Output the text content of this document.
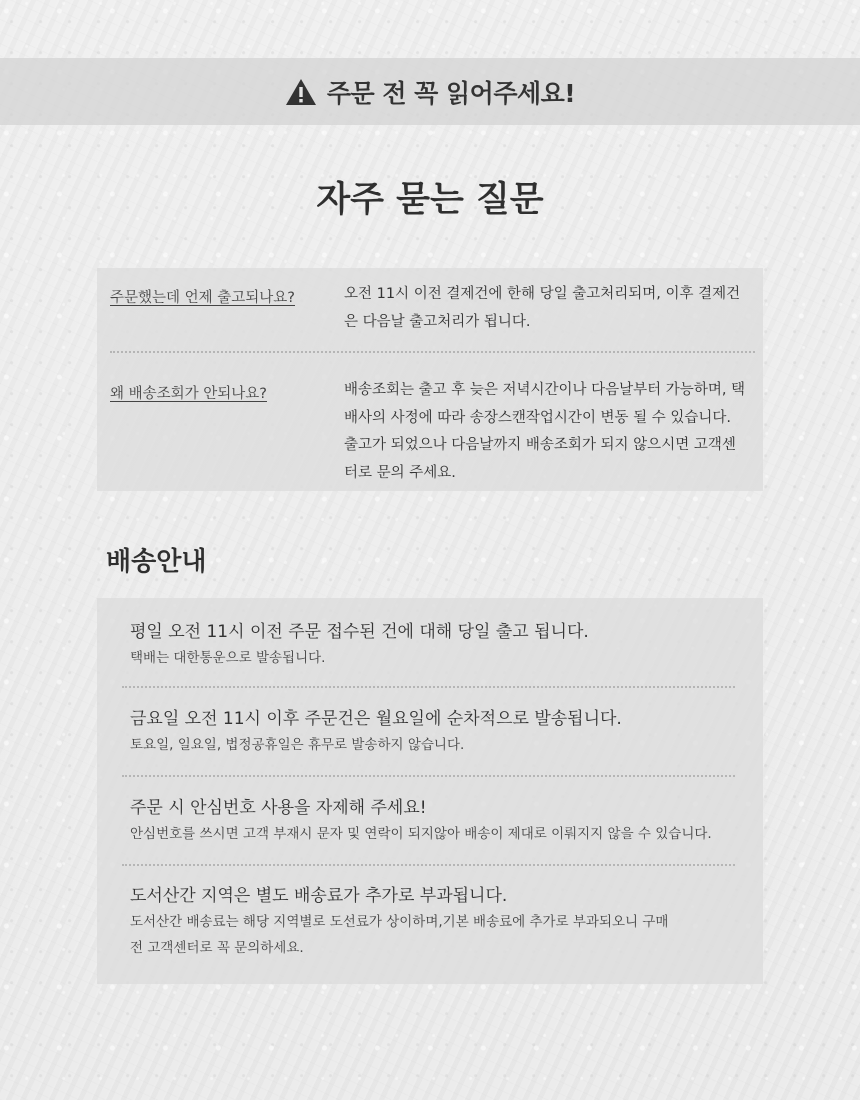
주문 전 꼭 읽어주세요!
자주 묻는 질문
주문했는데 언제 출고되나요?	오전 11시 이전 결제건에 한해 당일 출고처리되며, 이후 결제건은 다음날 출고처리가 됩니다.
왜 배송조회가 안되나요?	배송조회는 출고 후 늦은 저녁시간이나 다음날부터 가능하며, 택배사의 사정에 따라 송장스캔작업시간이 변동 될 수 있습니다. 출고가 되었으나 다음날까지 배송조회가 되지 않으시면 고객센터로 문의 주세요.
배송안내
평일 오전 11시 이전 주문 접수된 건에 대해 당일 출고 됩니다.
택배는 대한통운으로 발송됩니다.
금요일 오전 11시 이후 주문건은 월요일에 순차적으로 발송됩니다.
토요일, 일요일, 법정공휴일은 휴무로 발송하지 않습니다.
주문 시 안심번호 사용을 자제해 주세요!
안심번호를 쓰시면 고객 부재시 문자 및 연락이 되지않아 배송이 제대로 이뤄지지 않을 수 있습니다.
도서산간 지역은 별도 배송료가 추가로 부과됩니다.
도서산간 배송료는 해당 지역별로 도선료가 상이하며,기본 배송료에 추가로 부과되오니 구매전 고객센터로 꼭 문의하세요.
